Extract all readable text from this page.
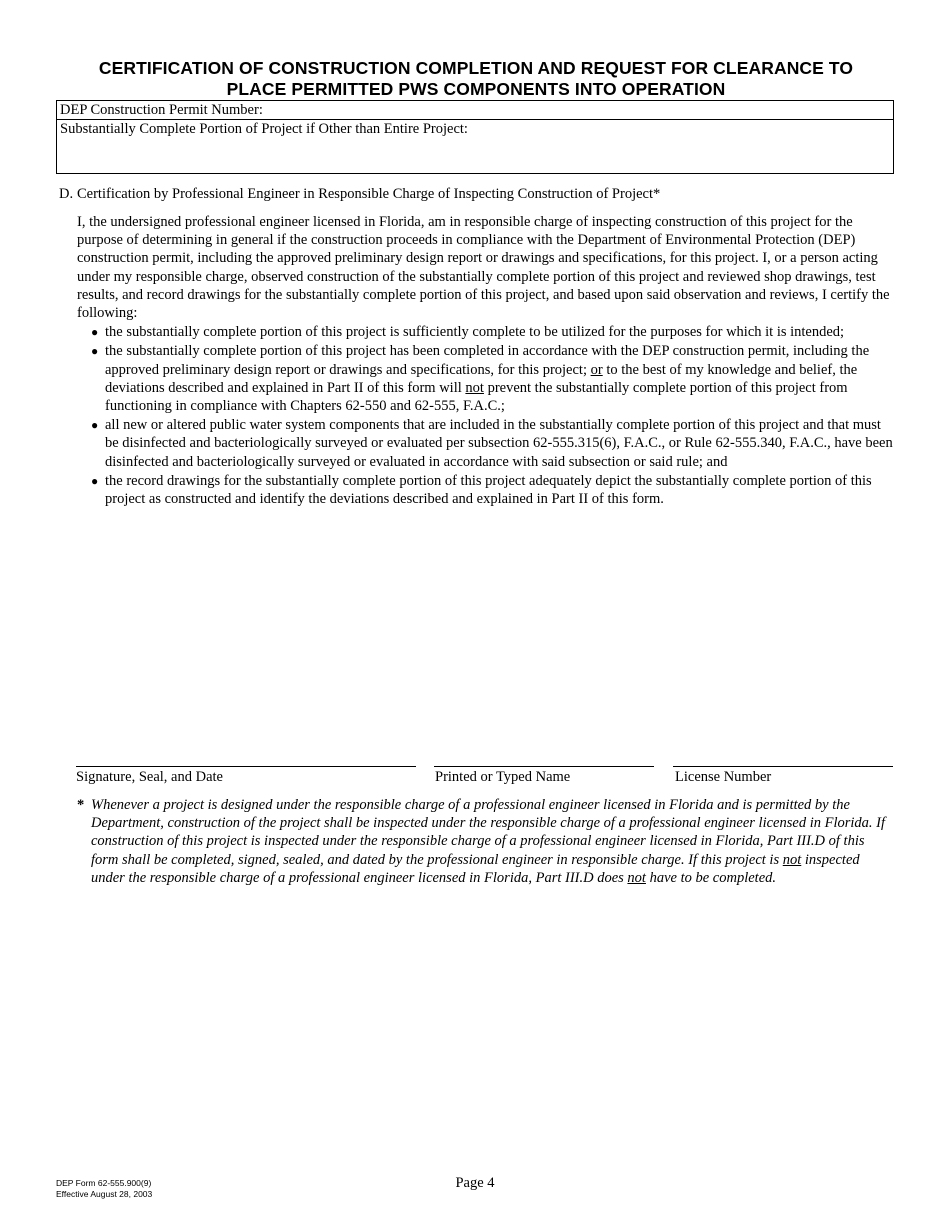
CERTIFICATION OF CONSTRUCTION COMPLETION AND REQUEST FOR CLEARANCE TO
PLACE PERMITTED PWS COMPONENTS INTO OPERATION
DEP Construction Permit Number:
Substantially Complete Portion of Project if Other than Entire Project:
D. Certification by Professional Engineer in Responsible Charge of Inspecting Construction of Project*

I, the undersigned professional engineer licensed in Florida, am in responsible charge of inspecting construction of this project for the purpose of determining in general if the construction proceeds in compliance with the Department of Environmental Protection (DEP) construction permit, including the approved preliminary design report or drawings and specifications, for this project. I, or a person acting under my responsible charge, observed construction of the substantially complete portion of this project and reviewed shop drawings, test results, and record drawings for the substantially complete portion of this project, and based upon said observation and reviews, I certify the following:

● the substantially complete portion of this project is sufficiently complete to be utilized for the purposes for which it is intended;
● the substantially complete portion of this project has been completed in accordance with the DEP construction permit, including the approved preliminary design report or drawings and specifications, for this project; or to the best of my knowledge and belief, the deviations described and explained in Part II of this form will not prevent the substantially complete portion of this project from functioning in compliance with Chapters 62-550 and 62-555, F.A.C.;
● all new or altered public water system components that are included in the substantially complete portion of this project and that must be disinfected and bacteriologically surveyed or evaluated per subsection 62-555.315(6), F.A.C., or Rule 62-555.340, F.A.C., have been disinfected and bacteriologically surveyed or evaluated in accordance with said subsection or said rule; and
● the record drawings for the substantially complete portion of this project adequately depict the substantially complete portion of this project as constructed and identify the deviations described and explained in Part II of this form.
Signature, Seal, and Date	Printed or Typed Name	License Number
* Whenever a project is designed under the responsible charge of a professional engineer licensed in Florida and is permitted by the Department, construction of the project shall be inspected under the responsible charge of a professional engineer licensed in Florida. If construction of this project is inspected under the responsible charge of a professional engineer licensed in Florida, Part III.D of this form shall be completed, signed, sealed, and dated by the professional engineer in responsible charge. If this project is not inspected under the responsible charge of a professional engineer licensed in Florida, Part III.D does not have to be completed.
DEP Form 62-555.900(9)
Effective August 28, 2003
Page 4
